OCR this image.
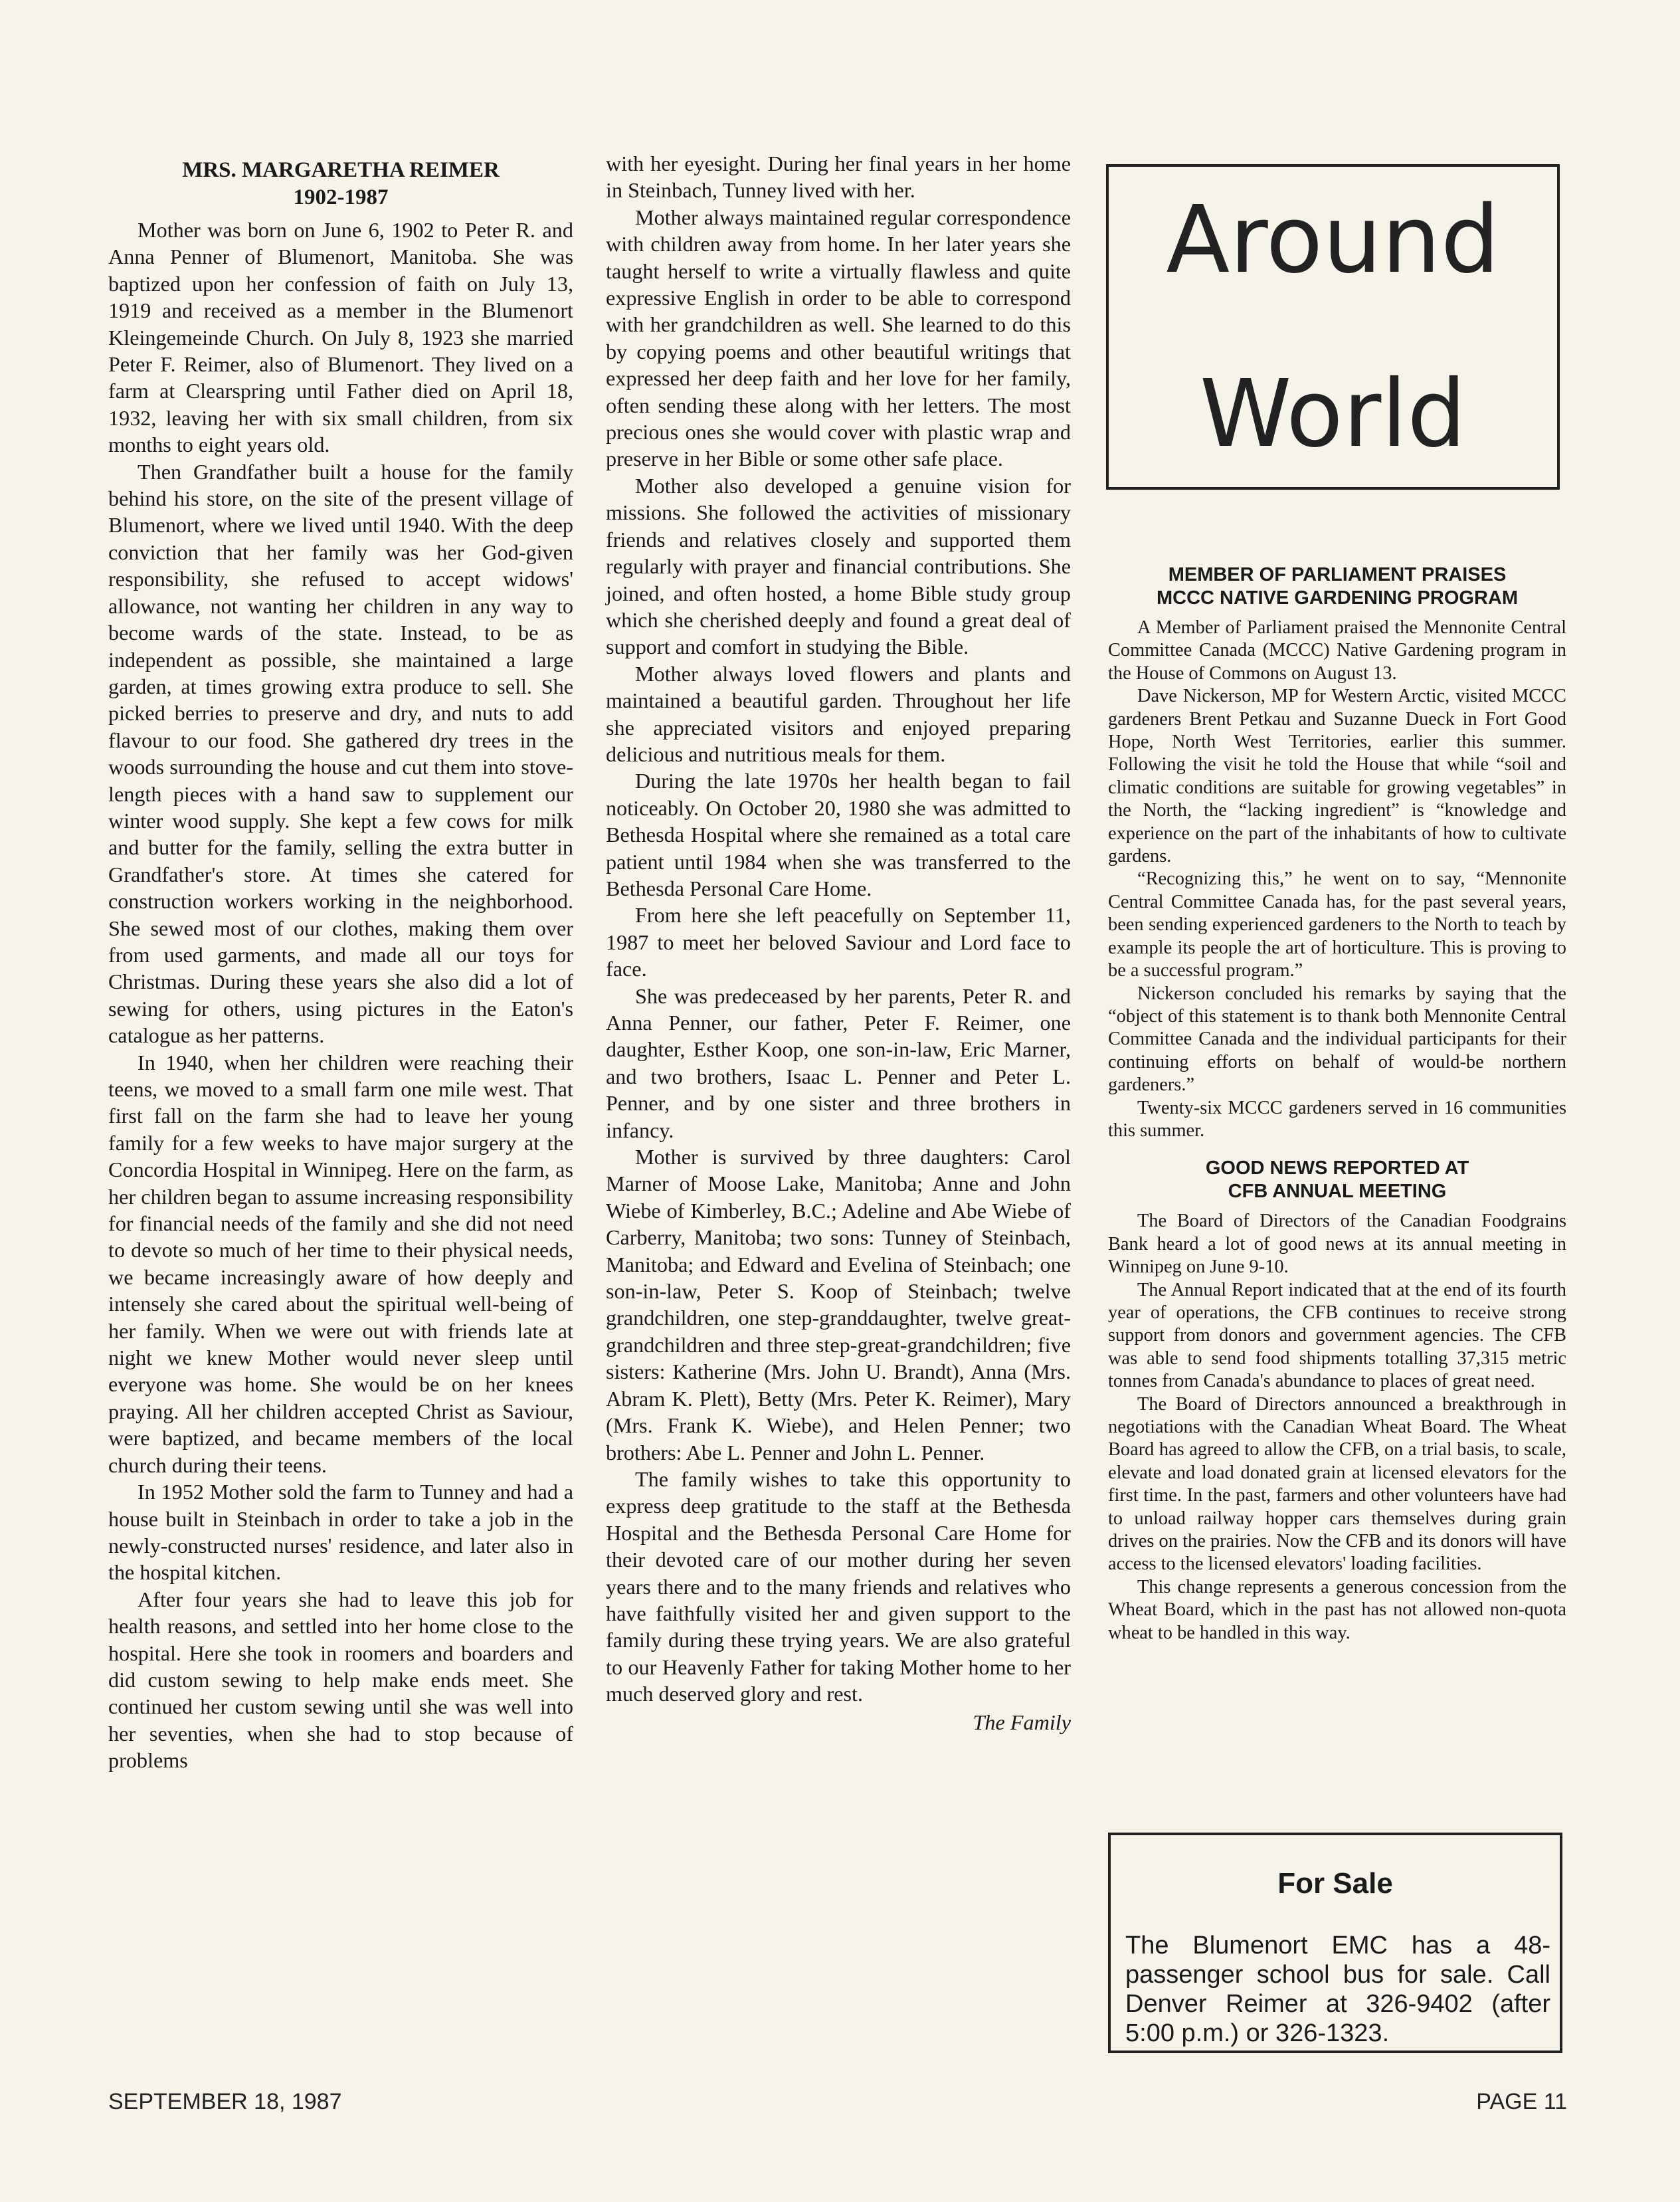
MRS. MARGARETHA REIMER
1902-1987

Mother was born on June 6, 1902 to Peter R. and Anna Penner of Blumenort, Manitoba. She was baptized upon her confession of faith on July 13, 1919 and received as a member in the Blumenort Kleingemeinde Church. On July 8, 1923 she married Peter F. Reimer, also of Blumenort. They lived on a farm at Clearspring until Father died on April 18, 1932, leaving her with six small children, from six months to eight years old.

Then Grandfather built a house for the family behind his store, on the site of the present village of Blumenort, where we lived until 1940. With the deep conviction that her family was her God-given responsibility, she refused to accept widows' allowance, not wanting her children in any way to become wards of the state. Instead, to be as independent as possible, she maintained a large garden, at times growing extra produce to sell. She picked berries to preserve and dry, and nuts to add flavour to our food. She gathered dry trees in the woods surrounding the house and cut them into stove-length pieces with a hand saw to supplement our winter wood supply. She kept a few cows for milk and butter for the family, selling the extra butter in Grandfather's store. At times she catered for construction workers working in the neighborhood. She sewed most of our clothes, making them over from used garments, and made all our toys for Christmas. During these years she also did a lot of sewing for others, using pictures in the Eaton's catalogue as her patterns.

In 1940, when her children were reaching their teens, we moved to a small farm one mile west. That first fall on the farm she had to leave her young family for a few weeks to have major surgery at the Concordia Hospital in Winnipeg. Here on the farm, as her children began to assume increasing responsibility for financial needs of the family and she did not need to devote so much of her time to their physical needs, we became increasingly aware of how deeply and intensely she cared about the spiritual well-being of her family. When we were out with friends late at night we knew Mother would never sleep until everyone was home. She would be on her knees praying. All her children accepted Christ as Saviour, were baptized, and became members of the local church during their teens.

In 1952 Mother sold the farm to Tunney and had a house built in Steinbach in order to take a job in the newly-constructed nurses' residence, and later also in the hospital kitchen.

After four years she had to leave this job for health reasons, and settled into her home close to the hospital. Here she took in roomers and boarders and did custom sewing to help make ends meet. She continued her custom sewing until she was well into her seventies, when she had to stop because of problems

with her eyesight. During her final years in her home in Steinbach, Tunney lived with her.

Mother always maintained regular correspondence with children away from home. In her later years she taught herself to write a virtually flawless and quite expressive English in order to be able to correspond with her grandchildren as well. She learned to do this by copying poems and other beautiful writings that expressed her deep faith and her love for her family, often sending these along with her letters. The most precious ones she would cover with plastic wrap and preserve in her Bible or some other safe place.

Mother also developed a genuine vision for missions. She followed the activities of missionary friends and relatives closely and supported them regularly with prayer and financial contributions. She joined, and often hosted, a home Bible study group which she cherished deeply and found a great deal of support and comfort in studying the Bible.

Mother always loved flowers and plants and maintained a beautiful garden. Throughout her life she appreciated visitors and enjoyed preparing delicious and nutritious meals for them.

During the late 1970s her health began to fail noticeably. On October 20, 1980 she was admitted to Bethesda Hospital where she remained as a total care patient until 1984 when she was transferred to the Bethesda Personal Care Home.

From here she left peacefully on September 11, 1987 to meet her beloved Saviour and Lord face to face.

She was predeceased by her parents, Peter R. and Anna Penner, our father, Peter F. Reimer, one daughter, Esther Koop, one son-in-law, Eric Marner, and two brothers, Isaac L. Penner and Peter L. Penner, and by one sister and three brothers in infancy.

Mother is survived by three daughters: Carol Marner of Moose Lake, Manitoba; Anne and John Wiebe of Kimberley, B.C.; Adeline and Abe Wiebe of Carberry, Manitoba; two sons: Tunney of Steinbach, Manitoba; and Edward and Evelina of Steinbach; one son-in-law, Peter S. Koop of Steinbach; twelve grandchildren, one step-granddaughter, twelve great-grandchildren and three step-great-grandchildren; five sisters: Katherine (Mrs. John U. Brandt), Anna (Mrs. Abram K. Plett), Betty (Mrs. Peter K. Reimer), Mary (Mrs. Frank K. Wiebe), and Helen Penner; two brothers: Abe L. Penner and John L. Penner.

The family wishes to take this opportunity to express deep gratitude to the staff at the Bethesda Hospital and the Bethesda Personal Care Home for their devoted care of our mother during her seven years there and to the many friends and relatives who have faithfully visited her and given support to the family during these trying years. We are also grateful to our Heavenly Father for taking Mother home to her much deserved glory and rest.

The Family

Around
World
MEMBER OF PARLIAMENT PRAISES
MCCC NATIVE GARDENING PROGRAM

A Member of Parliament praised the Mennonite Central Committee Canada (MCCC) Native Gardening program in the House of Commons on August 13.

Dave Nickerson, MP for Western Arctic, visited MCCC gardeners Brent Petkau and Suzanne Dueck in Fort Good Hope, North West Territories, earlier this summer. Following the visit he told the House that while “soil and climatic conditions are suitable for growing vegetables” in the North, the “lacking ingredient” is “knowledge and experience on the part of the inhabitants of how to cultivate gardens.

“Recognizing this,” he went on to say, “Mennonite Central Committee Canada has, for the past several years, been sending experienced gardeners to the North to teach by example its people the art of horticulture. This is proving to be a successful program.”

Nickerson concluded his remarks by saying that the “object of this statement is to thank both Mennonite Central Committee Canada and the individual participants for their continuing efforts on behalf of would-be northern gardeners.”

Twenty-six MCCC gardeners served in 16 communities this summer.

GOOD NEWS REPORTED AT
CFB ANNUAL MEETING

The Board of Directors of the Canadian Foodgrains Bank heard a lot of good news at its annual meeting in Winnipeg on June 9-10.

The Annual Report indicated that at the end of its fourth year of operations, the CFB continues to receive strong support from donors and government agencies. The CFB was able to send food shipments totalling 37,315 metric tonnes from Canada's abundance to places of great need.

The Board of Directors announced a breakthrough in negotiations with the Canadian Wheat Board. The Wheat Board has agreed to allow the CFB, on a trial basis, to scale, elevate and load donated grain at licensed elevators for the first time. In the past, farmers and other volunteers have had to unload railway hopper cars themselves during grain drives on the prairies. Now the CFB and its donors will have access to the licensed elevators' loading facilities.

This change represents a generous concession from the Wheat Board, which in the past has not allowed non-quota wheat to be handled in this way.

For Sale
The Blumenort EMC has a 48-passenger school bus for sale. Call Denver Reimer at 326-9402 (after 5:00 p.m.) or 326-1323.
SEPTEMBER 18, 1987	PAGE 11
